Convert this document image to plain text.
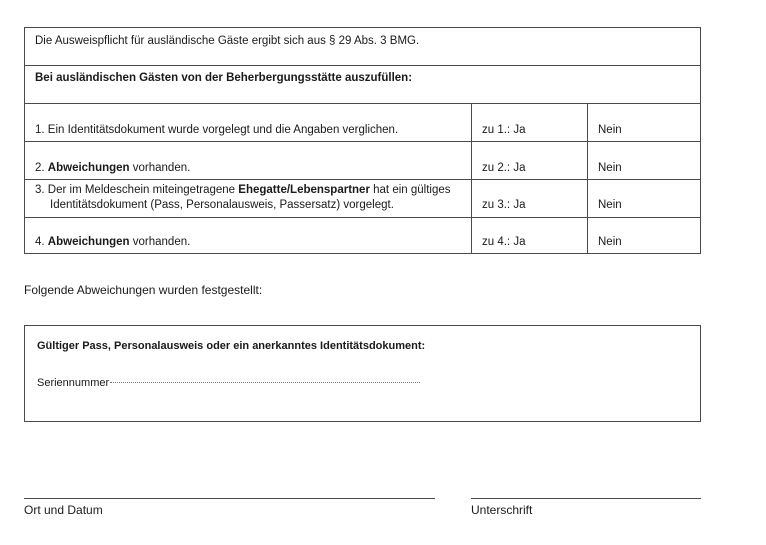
Die Ausweispflicht für ausländische Gäste ergibt sich aus § 29 Abs. 3 BMG.
Bei ausländischen Gästen von der Beherbergungsstätte auszufüllen:
1. Ein Identitätsdokument wurde vorgelegt und die Angaben verglichen.	zu 1.: Ja	Nein
2. Abweichungen vorhanden.	zu 2.: Ja	Nein
3. Der im Meldeschein miteingetragene Ehegatte/Lebenspartner hat ein gültiges
Identitätsdokument (Pass, Personalausweis, Passersatz) vorgelegt.	zu 3.: Ja	Nein
4. Abweichungen vorhanden.	zu 4.: Ja	Nein
Folgende Abweichungen wurden festgestellt:
Gültiger Pass, Personalausweis oder ein anerkanntes Identitätsdokument:
Seriennummer
Ort und Datum	Unterschrift
